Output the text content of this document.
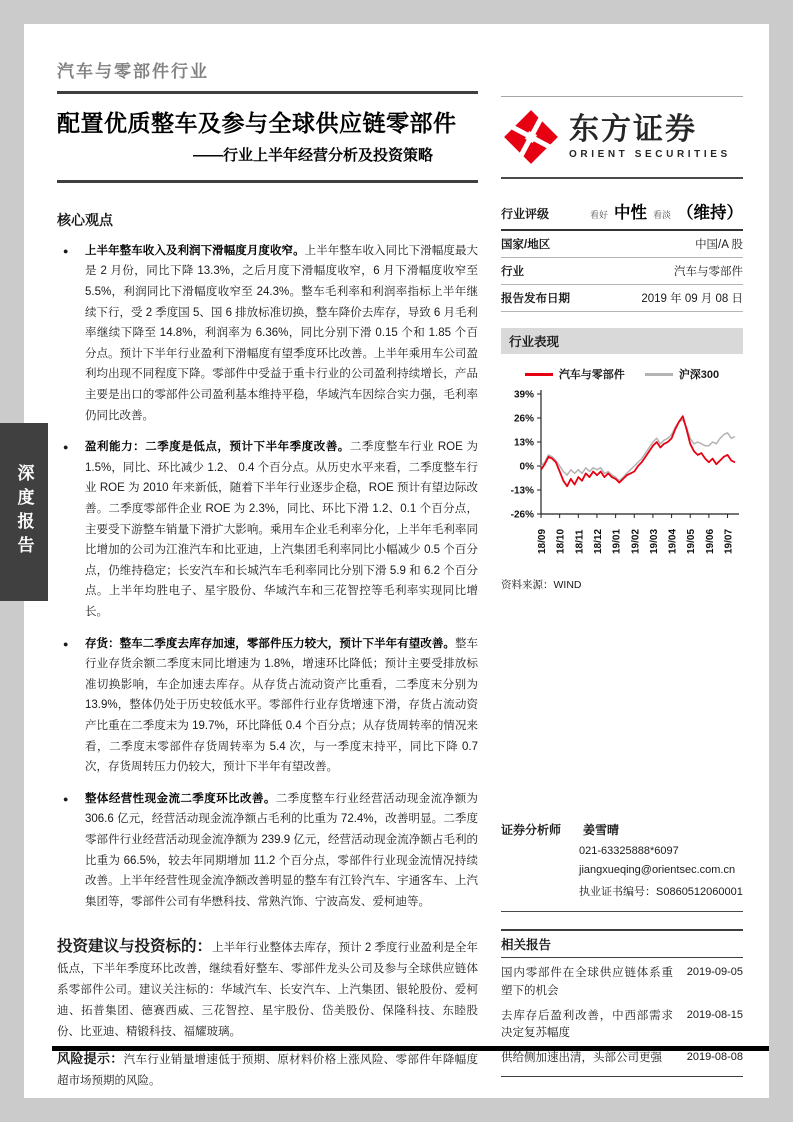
汽车与零部件行业
配置优质整车及参与全球供应链零部件
——行业上半年经营分析及投资策略
核心观点
●	上半年整车收入及利润下滑幅度月度收窄。上半年整车收入同比下滑幅度最大是 2 月份，同比下降 13.3%，之后月度下滑幅度收窄，6 月下滑幅度收窄至 5.5%，利润同比下滑幅度收窄至 24.3%。整车毛利率和利润率指标上半年继续下行，受 2 季度国 5、国 6 排放标准切换，整车降价去库存，导致 6 月毛利率继续下降至 14.8%，利润率为 6.36%，同比分别下滑 0.15 个和 1.85 个百分点。预计下半年行业盈利下滑幅度有望季度环比改善。上半年乘用车公司盈利均出现不同程度下降。零部件中受益于重卡行业的公司盈利持续增长，产品主要是出口的零部件公司盈利基本维持平稳，华域汽车因综合实力强，毛利率仍同比改善。
●	盈利能力：二季度是低点，预计下半年季度改善。二季度整车行业 ROE 为 1.5%，同比、环比减少 1.2、 0.4 个百分点。从历史水平来看，二季度整车行业 ROE 为 2010 年来新低，随着下半年行业逐步企稳，ROE 预计有望边际改善。二季度零部件企业 ROE 为 2.3%，同比、环比下滑 1.2、0.1 个百分点，主要受下游整车销量下滑扩大影响。乘用车企业毛利率分化，上半年毛利率同比增加的公司为江淮汽车和比亚迪，上汽集团毛利率同比小幅减少 0.5 个百分点，仍维持稳定；长安汽车和长城汽车毛利率同比分别下滑 5.9 和 6.2 个百分点。上半年均胜电子、星宇股份、华域汽车和三花智控等毛利率实现同比增长。
●	存货：整车二季度去库存加速，零部件压力较大，预计下半年有望改善。整车行业存货余额二季度末同比增速为 1.8%，增速环比降低；预计主要受排放标准切换影响，车企加速去库存。从存货占流动资产比重看，二季度末分别为 13.9%，整体仍处于历史较低水平。零部件行业存货增速下滑，存货占流动资产比重在二季度末为 19.7%，环比降低 0.4 个百分点；从存货周转率的情况来看，二季度末零部件存货周转率为 5.4 次，与一季度末持平，同比下降 0.7 次，存货周转压力仍较大，预计下半年有望改善。
●	整体经营性现金流二季度环比改善。二季度整车行业经营活动现金流净额为 306.6 亿元，经营活动现金流净额占毛利的比重为 72.4%，改善明显。二季度零部件行业经营活动现金流净额为 239.9 亿元，经营活动现金流净额占毛利的比重为 66.5%，较去年同期增加 11.2 个百分点，零部件行业现金流情况持续改善。上半年经营性现金流净额改善明显的整车有江铃汽车、宇通客车、上汽集团等，零部件公司有华懋科技、常熟汽饰、宁波高发、爱柯迪等。
投资建议与投资标的：上半年行业整体去库存，预计 2 季度行业盈利是全年低点，下半年季度环比改善，继续看好整车、零部件龙头公司及参与全球供应链体系零部件公司。建议关注标的：华域汽车、长安汽车、上汽集团、银轮股份、爱柯迪、拓普集团、德赛西威、三花智控、星宇股份、岱美股份、保隆科技、东睦股份、比亚迪、精锻科技、福耀玻璃。
风险提示：汽车行业销量增速低于预期、原材料价格上涨风险、零部件年降幅度超市场预期的风险。
东方证券
ORIENT SECURITIES
行业评级	看好 中性 看淡 （维持）
国家/地区	中国/A 股
行业	汽车与零部件
报告发布日期	2019 年 09 月 08 日
行业表现
汽车与零部件	沪深300
39%
26%
13%
0%
-13%
-26%
18/09 18/10 18/11 18/12 19/01 19/02 19/03 19/04 19/05 19/06 19/07
资料来源：WIND
证券分析师 姜雪晴
021-63325888*6097
jiangxueqing@orientsec.com.cn
执业证书编号：S0860512060001
相关报告
国内零部件在全球供应链体系重塑下的机会
2019-09-05
去库存后盈利改善，中西部需求决定复苏幅度
2019-08-15
供给侧加速出清，头部公司更强	2019-08-08
深度报告
